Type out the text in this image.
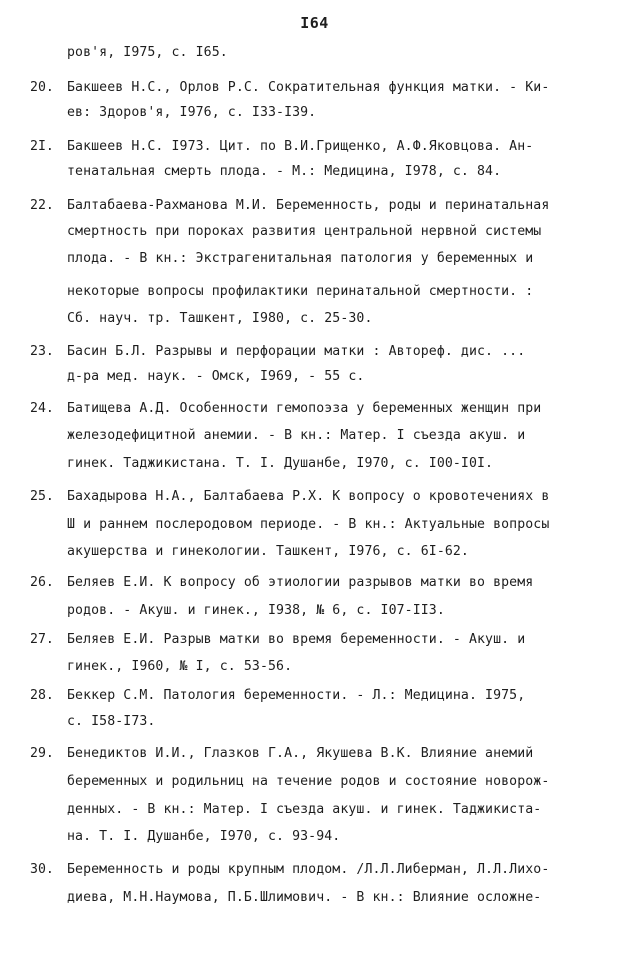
I64
ров'я, I975, с. I65.
20. Бакшеев Н.С., Орлов Р.С. Сократительная функция матки. - Ки-
ев: Здоров'я, I976, с. I33-I39.
2I. Бакшеев Н.С. I973. Цит. по В.И.Грищенко, А.Ф.Яковцова. Ан-
тенатальная смерть плода. - М.: Медицина, I978, с. 84.
22. Балтабаева-Рахманова М.И. Беременность, роды и перинатальная
смертность при пороках развития центральной нервной системы
плода. - В кн.: Экстрагенитальная патология у беременных и
некоторые вопросы профилактики перинатальной смертности. :
Сб. науч. тр. Ташкент, I980, с. 25-30.
23. Басин Б.Л. Разрывы и перфорации матки : Автореф. дис. ...
д-ра мед. наук. - Омск, I969, - 55 с.
24. Батищева А.Д. Особенности гемопоэза у беременных женщин при
железодефицитной анемии. - В кн.: Матер. I съезда акуш. и
гинек. Таджикистана. Т. I. Душанбе, I970, с. I00-I0I.
25. Бахадырова Н.А., Балтабаева Р.Х. К вопросу о кровотечениях в
Ш и раннем послеродовом периоде. - В кн.: Актуальные вопросы
акушерства и гинекологии. Ташкент, I976, с. 6I-62.
26. Беляев Е.И. К вопросу об этиологии разрывов матки во время
родов. - Акуш. и гинек., I938, № 6, с. I07-II3.
27. Беляев Е.И. Разрыв матки во время беременности. - Акуш. и
гинек., I960, № I, с. 53-56.
28. Беккер С.М. Патология беременности. - Л.: Медицина. I975,
с. I58-I73.
29. Бенедиктов И.И., Глазков Г.А., Якушева В.К. Влияние анемий
беременных и родильниц на течение родов и состояние новорож-
денных. - В кн.: Матер. I съезда акуш. и гинек. Таджикиста-
на. Т. I. Душанбе, I970, с. 93-94.
30. Беременность и роды крупным плодом. /Л.Л.Либерман, Л.Л.Лихо-
диева, М.Н.Наумова, П.Б.Шлимович. - В кн.: Влияние осложне-
